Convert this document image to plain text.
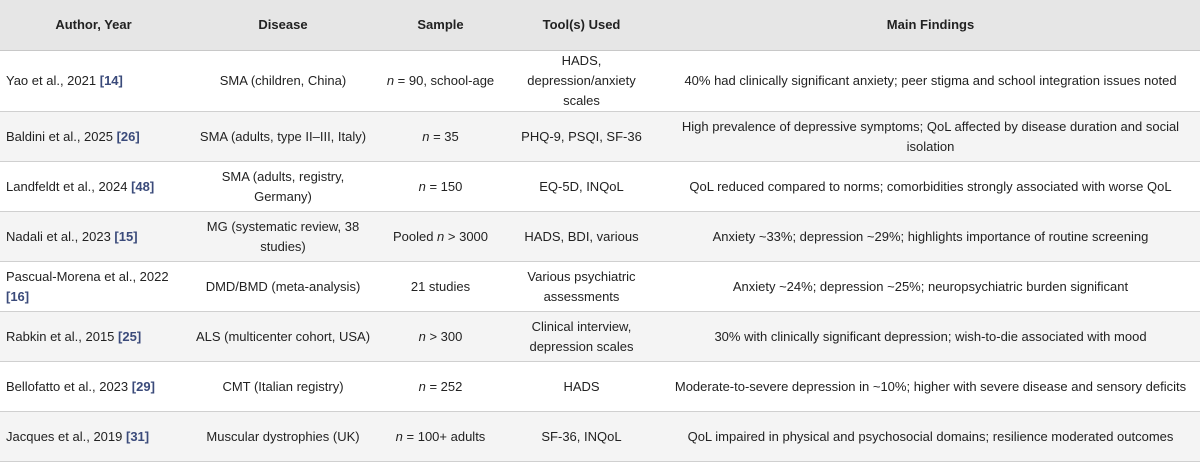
Author, Year	Disease	Sample	Tool(s) Used	Main Findings
Yao et al., 2021 [14]	SMA (children, China)	n = 90, school-age	HADS, depression/anxiety scales	40% had clinically significant anxiety; peer stigma and school integration issues noted
Baldini et al., 2025 [26]	SMA (adults, type II–III, Italy)	n = 35	PHQ-9, PSQI, SF-36	High prevalence of depressive symptoms; QoL affected by disease duration and social isolation
Landfeldt et al., 2024 [48]	SMA (adults, registry, Germany)	n = 150	EQ-5D, INQoL	QoL reduced compared to norms; comorbidities strongly associated with worse QoL
Nadali et al., 2023 [15]	MG (systematic review, 38 studies)	Pooled n > 3000	HADS, BDI, various	Anxiety ~33%; depression ~29%; highlights importance of routine screening
Pascual-Morena et al., 2022 [16]	DMD/BMD (meta-analysis)	21 studies	Various psychiatric assessments	Anxiety ~24%; depression ~25%; neuropsychiatric burden significant
Rabkin et al., 2015 [25]	ALS (multicenter cohort, USA)	n > 300	Clinical interview, depression scales	30% with clinically significant depression; wish-to-die associated with mood
Bellofatto et al., 2023 [29]	CMT (Italian registry)	n = 252	HADS	Moderate-to-severe depression in ~10%; higher with severe disease and sensory deficits
Jacques et al., 2019 [31]	Muscular dystrophies (UK)	n = 100+ adults	SF-36, INQoL	QoL impaired in physical and psychosocial domains; resilience moderated outcomes
